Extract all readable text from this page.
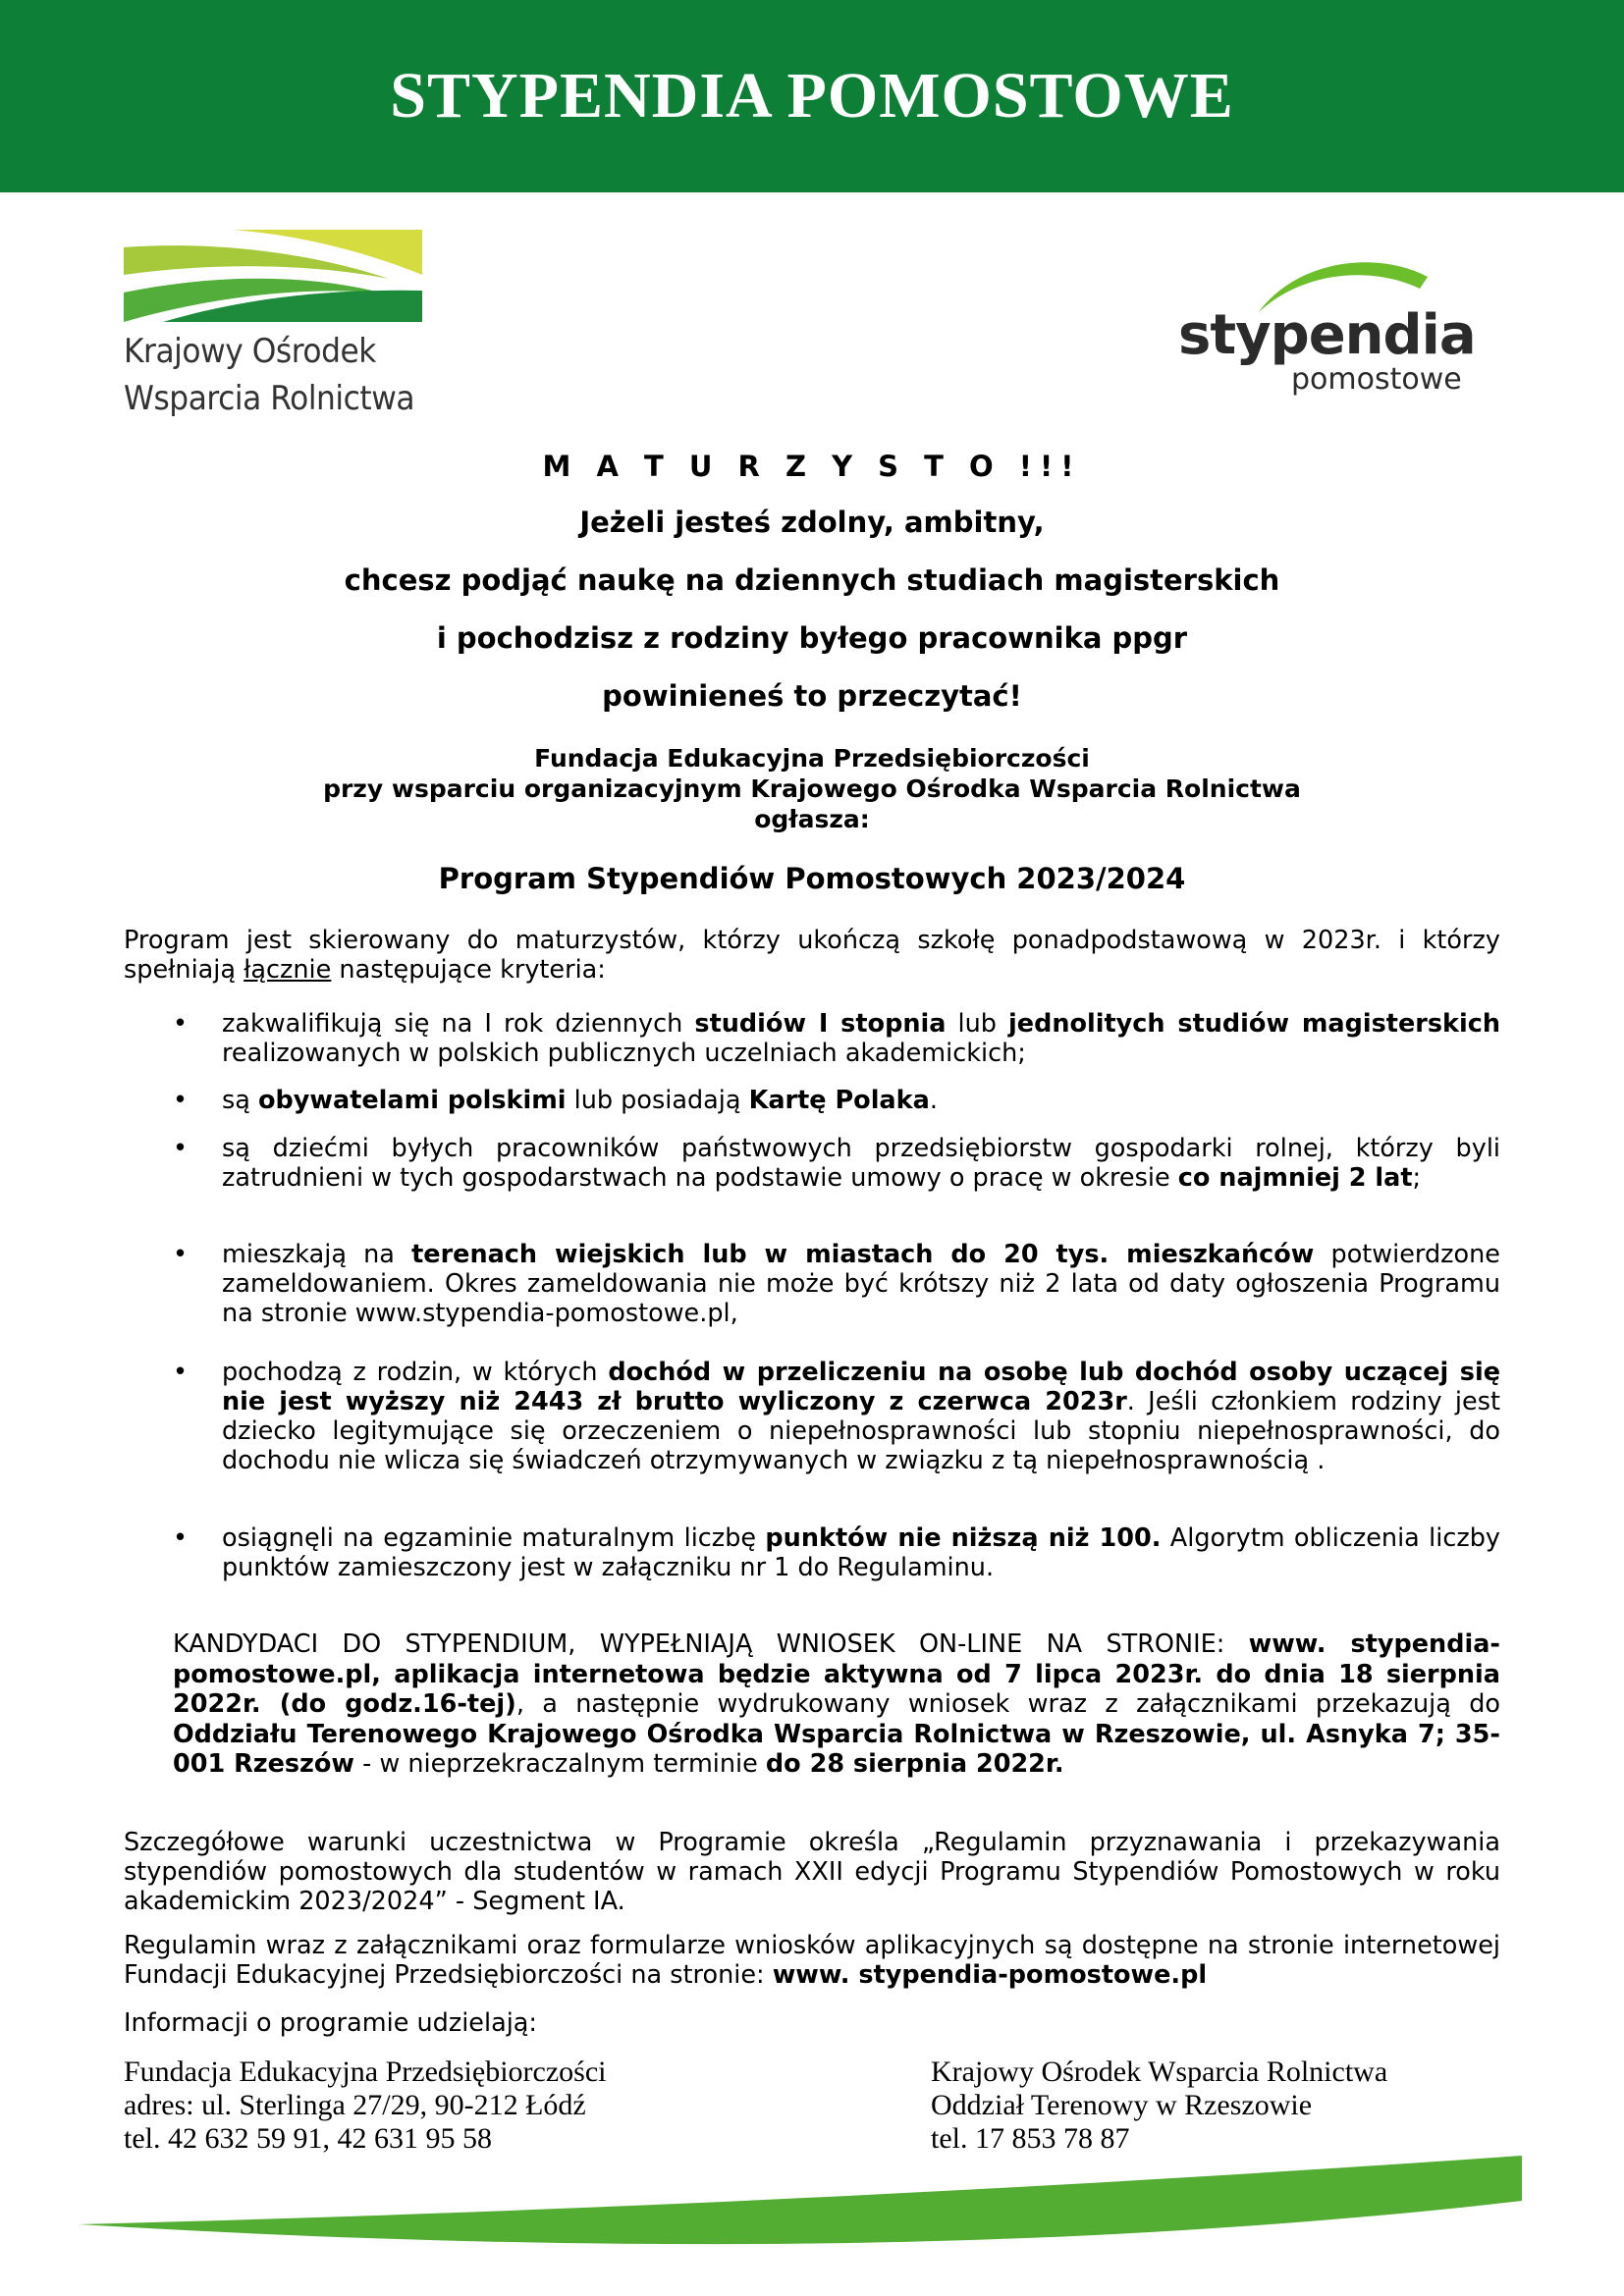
STYPENDIA POMOSTOWE
Krajowy Ośrodek
Wsparcia Rolnictwa
stypendia
pomostowe
M A T U R Z Y S T O !!!
Jeżeli jesteś zdolny, ambitny,
chcesz podjąć naukę na dziennych studiach magisterskich
i pochodzisz z rodziny byłego pracownika ppgr
powinieneś to przeczytać!
Fundacja Edukacyjna Przedsiębiorczości
przy wsparciu organizacyjnym Krajowego Ośrodka Wsparcia Rolnictwa
ogłasza:
Program Stypendiów Pomostowych 2023/2024
Program jest skierowany do maturzystów, którzy ukończą szkołę ponadpodstawową w 2023r. i którzy spełniają łącznie następujące kryteria:
• zakwalifikują się na I rok dziennych studiów I stopnia lub jednolitych studiów magisterskich realizowanych w polskich publicznych uczelniach akademickich;
• są obywatelami polskimi lub posiadają Kartę Polaka.
• są dziećmi byłych pracowników państwowych przedsiębiorstw gospodarki rolnej, którzy byli zatrudnieni w tych gospodarstwach na podstawie umowy o pracę w okresie co najmniej 2 lat;
• mieszkają na terenach wiejskich lub w miastach do 20 tys. mieszkańców potwierdzone zameldowaniem. Okres zameldowania nie może być krótszy niż 2 lata od daty ogłoszenia Programu na stronie www.stypendia-pomostowe.pl,
• pochodzą z rodzin, w których dochód w przeliczeniu na osobę lub dochód osoby uczącej się nie jest wyższy niż 2443 zł brutto wyliczony z czerwca 2023r. Jeśli członkiem rodziny jest dziecko legitymujące się orzeczeniem o niepełnosprawności lub stopniu niepełnosprawności, do dochodu nie wlicza się świadczeń otrzymywanych w związku z tą niepełnosprawnością .
• osiągnęli na egzaminie maturalnym liczbę punktów nie niższą niż 100. Algorytm obliczenia liczby punktów zamieszczony jest w załączniku nr 1 do Regulaminu.
KANDYDACI DO STYPENDIUM, WYPEŁNIAJĄ WNIOSEK ON-LINE NA STRONIE: www. stypendia-pomostowe.pl, aplikacja internetowa będzie aktywna od 7 lipca 2023r. do dnia 18 sierpnia 2022r. (do godz.16-tej), a następnie wydrukowany wniosek wraz z załącznikami przekazują do Oddziału Terenowego Krajowego Ośrodka Wsparcia Rolnictwa w Rzeszowie, ul. Asnyka 7; 35-001 Rzeszów - w nieprzekraczalnym terminie do 28 sierpnia 2022r.
Szczegółowe warunki uczestnictwa w Programie określa „Regulamin przyznawania i przekazywania stypendiów pomostowych dla studentów w ramach XXII edycji Programu Stypendiów Pomostowych w roku akademickim 2023/2024” - Segment IA.
Regulamin wraz z załącznikami oraz formularze wniosków aplikacyjnych są dostępne na stronie internetowej Fundacji Edukacyjnej Przedsiębiorczości na stronie: www. stypendia-pomostowe.pl
Informacji o programie udzielają:
Fundacja Edukacyjna Przedsiębiorczości
adres: ul. Sterlinga 27/29, 90-212 Łódź
tel. 42 632 59 91, 42 631 95 58
Krajowy Ośrodek Wsparcia Rolnictwa
Oddział Terenowy w Rzeszowie
tel. 17 853 78 87
